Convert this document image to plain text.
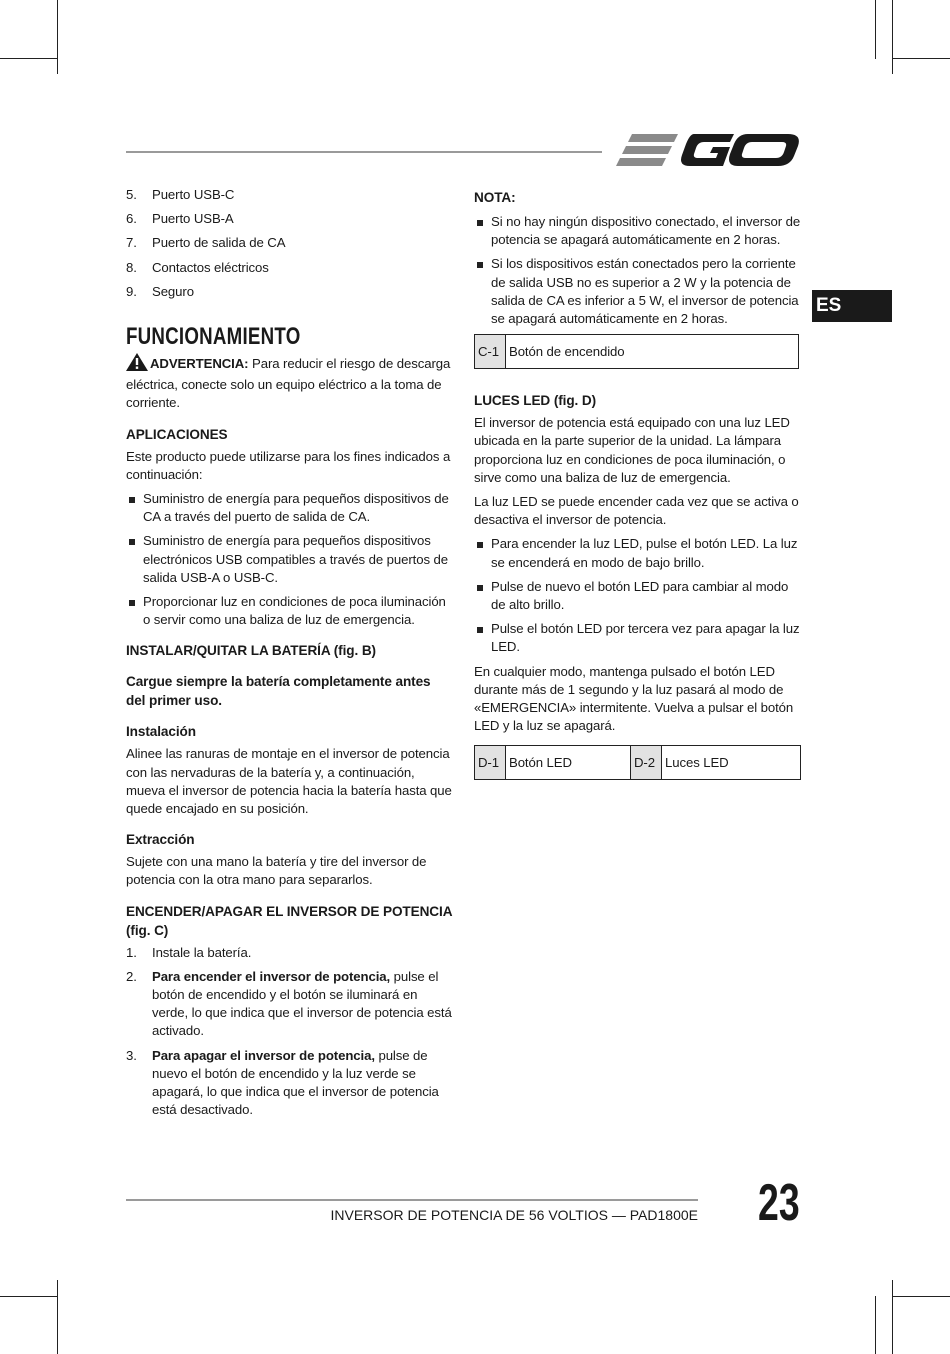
ES
5. Puerto USB-C
6. Puerto USB-A
7. Puerto de salida de CA
8. Contactos eléctricos
9. Seguro
FUNCIONAMIENTO

ADVERTENCIA: Para reducir el riesgo de descarga eléctrica, conecte solo un equipo eléctrico a la toma de corriente.

APLICACIONES

Este producto puede utilizarse para los fines indicados a continuación:

Suministro de energía para pequeños dispositivos de CA a través del puerto de salida de CA.
Suministro de energía para pequeños dispositivos electrónicos USB compatibles a través de puertos de salida USB-A o USB-C.
Proporcionar luz en condiciones de poca iluminación o servir como una baliza de luz de emergencia.
INSTALAR/QUITAR LA BATERÍA (fig. B)
Cargue siempre la batería completamente antes del primer uso.
Instalación

Alinee las ranuras de montaje en el inversor de potencia con las nervaduras de la batería y, a continuación, mueva el inversor de potencia hacia la batería hasta que quede encajado en su posición.

Extracción

Sujete con una mano la batería y tire del inversor de potencia con la otra mano para separarlos.

ENCENDER/APAGAR EL INVERSOR DE POTENCIA (fig. C)
1. Instale la batería.
2. Para encender el inversor de potencia, pulse el botón de encendido y el botón se iluminará en verde, lo que indica que el inversor de potencia está activado.
3. Para apagar el inversor de potencia, pulse de nuevo el botón de encendido y la luz verde se apagará, lo que indica que el inversor de potencia está desactivado.
NOTA:
Si no hay ningún dispositivo conectado, el inversor de potencia se apagará automáticamente en 2 horas.
Si los dispositivos están conectados pero la corriente de salida USB no es superior a 2 W y la potencia de salida de CA es inferior a 5 W, el inversor de potencia se apagará automáticamente en 2 horas.
C-1	Botón de encendido
LUCES LED (fig. D)

El inversor de potencia está equipado con una luz LED ubicada en la parte superior de la unidad. La lámpara proporciona luz en condiciones de poca iluminación, o sirve como una baliza de luz de emergencia.

La luz LED se puede encender cada vez que se activa o desactiva el inversor de potencia.

Para encender la luz LED, pulse el botón LED. La luz se encenderá en modo de bajo brillo.
Pulse de nuevo el botón LED para cambiar al modo de alto brillo.
Pulse el botón LED por tercera vez para apagar la luz LED.

En cualquier modo, mantenga pulsado el botón LED durante más de 1 segundo y la luz pasará al modo de «EMERGENCIA» intermitente. Vuelva a pulsar el botón LED y la luz se apagará.

D-1	Botón LED	D-2	Luces LED
INVERSOR DE POTENCIA DE 56 VOLTIOS — PAD1800E 23
